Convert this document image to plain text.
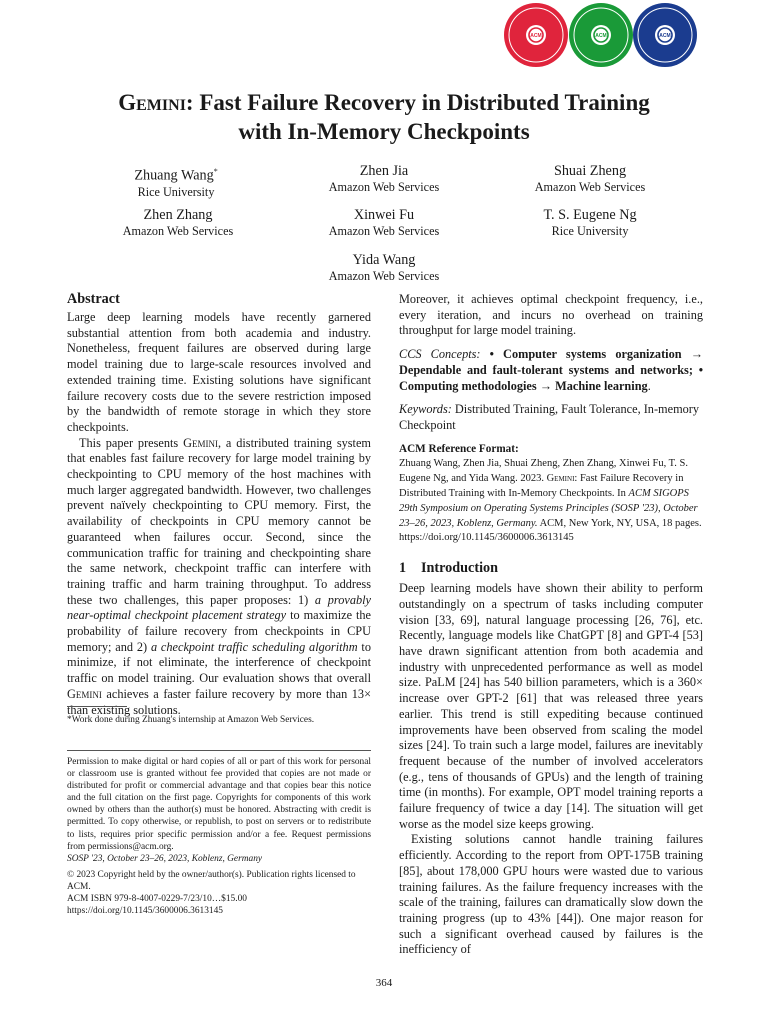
ACM	ACM	ACM
Gemini: Fast Failure Recovery in Distributed Training
with In-Memory Checkpoints
Zhuang Wang*
Rice University
Zhen Jia
Amazon Web Services
Shuai Zheng
Amazon Web Services
Zhen Zhang
Amazon Web Services
Xinwei Fu
Amazon Web Services
T. S. Eugene Ng
Rice University
Yida Wang
Amazon Web Services
Abstract

Large deep learning models have recently garnered substantial attention from both academia and industry. Nonetheless, frequent failures are observed during large model training due to large-scale resources involved and extended training time. Existing solutions have significant failure recovery costs due to the severe restriction imposed by the bandwidth of remote storage in which they store checkpoints.

This paper presents Gemini, a distributed training system that enables fast failure recovery for large model training by checkpointing to CPU memory of the host machines with much larger aggregated bandwidth. However, two challenges prevent naïvely checkpointing to CPU memory. First, the availability of checkpoints in CPU memory cannot be guaranteed when failures occur. Second, since the communication traffic for training and checkpointing share the same network, checkpoint traffic can interfere with training traffic and harm training throughput. To address these two challenges, this paper proposes: 1) a provably near-optimal checkpoint placement strategy to maximize the probability of failure recovery from checkpoints in CPU memory; and 2) a checkpoint traffic scheduling algorithm to minimize, if not eliminate, the interference of checkpoint traffic on model training. Our evaluation shows that overall Gemini achieves a faster failure recovery by more than 13× than existing solutions.

*Work done during Zhuang's internship at Amazon Web Services.

Permission to make digital or hard copies of all or part of this work for personal or classroom use is granted without fee provided that copies are not made or distributed for profit or commercial advantage and that copies bear this notice and the full citation on the first page. Copyrights for components of this work owned by others than the author(s) must be honored. Abstracting with credit is permitted. To copy otherwise, or republish, to post on servers or to redistribute to lists, requires prior specific permission and/or a fee. Request permissions from permissions@acm.org.

SOSP '23, October 23–26, 2023, Koblenz, Germany

© 2023 Copyright held by the owner/author(s). Publication rights licensed to ACM.

ACM ISBN 979-8-4007-0229-7/23/10…$15.00

https://doi.org/10.1145/3600006.3613145

Moreover, it achieves optimal checkpoint frequency, i.e., every iteration, and incurs no overhead on training throughput for large model training.

CCS Concepts: • Computer systems organization → Dependable and fault-tolerant systems and networks; • Computing methodologies → Machine learning.

Keywords: Distributed Training, Fault Tolerance, In-memory Checkpoint

ACM Reference Format:
Zhuang Wang, Zhen Jia, Shuai Zheng, Zhen Zhang, Xinwei Fu, T. S. Eugene Ng, and Yida Wang. 2023. Gemini: Fast Failure Recovery in Distributed Training with In-Memory Checkpoints. In ACM SIGOPS 29th Symposium on Operating Systems Principles (SOSP '23), October 23–26, 2023, Koblenz, Germany. ACM, New York, NY, USA, 18 pages. https://doi.org/10.1145/3600006.3613145
1 Introduction

Deep learning models have shown their ability to perform outstandingly on a spectrum of tasks including computer vision [33, 69], natural language processing [26, 76], etc. Recently, language models like ChatGPT [8] and GPT-4 [53] have drawn significant attention from both academia and industry with unprecedented performance as well as model size. PaLM [24] has 540 billion parameters, which is a 360× increase over GPT-2 [61] that was released three years earlier. This trend is still expediting because continued improvements have been observed from scaling the model sizes [24]. To train such a large model, failures are inevitably frequent because of the number of involved accelerators (e.g., tens of thousands of GPUs) and the length of training time (in months). For example, OPT model training reports a failure frequency of twice a day [14]. The situation will get worse as the model size keeps growing.

Existing solutions cannot handle training failures efficiently. According to the report from OPT-175B training [85], about 178,000 GPU hours were wasted due to various training failures. As the failure frequency increases with the scale of the training, failures can dramatically slow down the training progress (up to 43% [44]). One major reason for such a significant overhead caused by failures is the inefficiency of

364
